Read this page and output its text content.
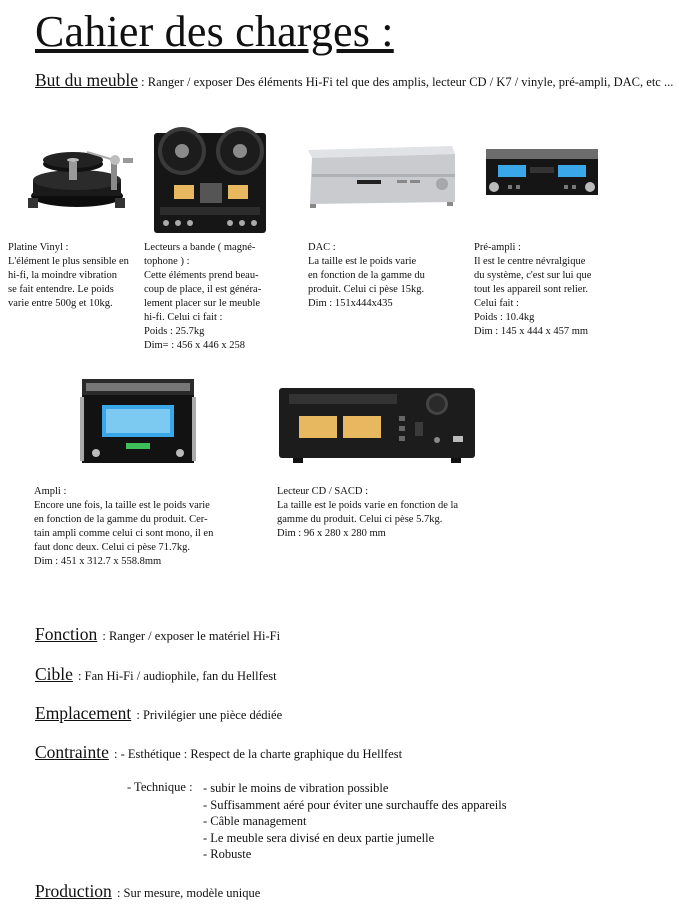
Cahier des charges :
But du meuble : Ranger / exposer Des éléments Hi-Fi tel que des amplis, lecteur CD / K7 / vinyle, pré-ampli, DAC, etc ...
Platine Vinyl :
L'élément le plus sensible en
hi-fi, la moindre vibration
se fait entendre. Le poids
varie entre 500g et 10kg.
Lecteurs a bande ( magné-
tophone ) :
Cette éléments prend beau-
coup de place, il est généra-
lement placer sur le meuble
hi-fi. Celui ci fait :
Poids : 25.7kg
Dim= : 456 x 446 x 258
DAC :
La taille est le poids varie
en fonction de la gamme du
produit. Celui ci pèse 15kg.
Dim : 151x444x435
Pré-ampli :
Il est le centre névralgique
du système, c'est sur lui que
tout les appareil sont relier.
Celui fait :
Poids : 10.4kg
Dim : 145 x 444 x 457 mm
Ampli :
Encore une fois, la taille est le poids varie
en fonction de la gamme du produit. Cer-
tain ampli comme celui ci sont mono, il en
faut donc deux. Celui ci pèse 71.7kg.
Dim : 451 x 312.7 x 558.8mm
Lecteur CD / SACD :
La taille est le poids varie en fonction de la
gamme du produit. Celui ci pèse 5.7kg.
Dim : 96 x 280 x 280 mm
Fonction : Ranger / exposer le matériel Hi-Fi
Cible : Fan Hi-Fi / audiophile, fan du Hellfest
Emplacement : Privilégier une pièce dédiée
Contrainte : - Esthétique : Respect de la charte graphique du Hellfest
- Technique : - subir le moins de vibration possible
- Suffisamment aéré pour éviter une surchauffe des appareils
- Câble management
- Le meuble sera divisé en deux partie jumelle
- Robuste
Production : Sur mesure, modèle unique
